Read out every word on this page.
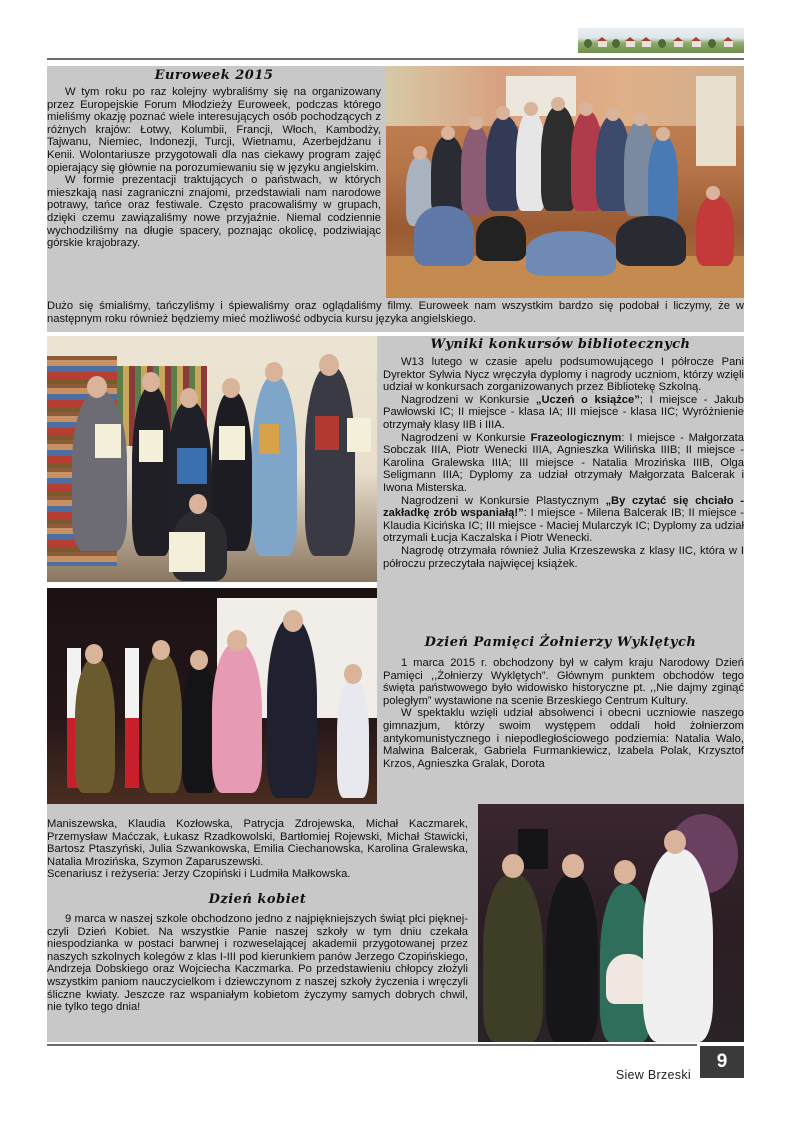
Euroweek 2015

W tym roku po raz kolejny wybraliśmy się na organizowany przez Europejskie Forum Młodzieży Euroweek, podczas którego mieliśmy okazję poznać wiele interesujących osób pochodzących z różnych krajów: Łotwy, Kolumbii, Francji, Włoch, Kambodży, Tajwanu, Niemiec, Indonezji, Turcji, Wietnamu, Azerbejdżanu i Kenii. Wolontariusze przygotowali dla nas ciekawy program zajęć opierający się głównie na porozumiewaniu się w języku angielskim.

W formie prezentacji traktujących o państwach, w których mieszkają nasi zagraniczni znajomi, przedstawiali nam narodowe potrawy, tańce oraz festiwale. Często pracowaliśmy w grupach, dzięki czemu zawiązaliśmy nowe przyjaźnie. Niemal codziennie wychodziliśmy na długie spacery, poznając okolicę, podziwiając górskie krajobrazy.

Dużo się śmialiśmy, tańczyliśmy i śpiewaliśmy oraz oglądaliśmy filmy. Euroweek nam wszystkim bardzo się podobał i liczymy, że w następnym roku również będziemy mieć możliwość odbycia kursu języka angielskiego.

Wyniki konkursów bibliotecznych

W13 lutego w czasie apelu podsumowującego I półrocze Pani Dyrektor Sylwia Nycz wręczyła dyplomy i nagrody uczniom, którzy wzięli udział w konkursach zorganizowanych przez Bibliotekę Szkolną.

Nagrodzeni w Konkursie „Uczeń o książce”; I miejsce - Jakub Pawłowski IC; II miejsce - klasa IA; III miejsce - klasa IIC; Wyróżnienie otrzymały klasy IIB i IIIA.

Nagrodzeni w Konkursie Frazeologicznym: I miejsce - Małgorzata Sobczak IIIA, Piotr Wenecki IIIA, Agnieszka Wilińska IIIB; II miejsce - Karolina Gralewska IIIA; III miejsce - Natalia Mrozińska IIIB, Olga Seligmann IIIA; Dyplomy za udział otrzymały Małgorzata Balcerak i Iwona Misterska.

Nagrodzeni w Konkursie Plastycznym „By czytać się chciało - zakładkę zrób wspaniałą!”: I miejsce - Milena Balcerak IB; II miejsce - Klaudia Kicińska IC; III miejsce - Maciej Mularczyk IC; Dyplomy za udział otrzymali Łucja Kaczalska i Piotr Wenecki.

Nagrodę otrzymała również Julia Krzeszewska z klasy IIC, która w I półroczu przeczytała najwięcej książek.

Dzień Pamięci Żołnierzy Wyklętych

1 marca 2015 r. obchodzony był w całym kraju Narodowy Dzień Pamięci ,,Żołnierzy Wyklętych”. Głównym punktem obchodów tego święta państwowego było widowisko historyczne pt. ,,Nie dajmy zginąć poległym” wystawione na scenie Brzeskiego Centrum Kultury.

W spektaklu wzięli udział absolwenci i obecni uczniowie naszego gimnazjum, którzy swoim występem oddali hołd żołnierzom antykomunistycznego i niepodległościowego podziemia: Natalia Walo, Malwina Balcerak, Gabriela Furmankiewicz, Izabela Polak, Krzysztof Krzos, Agnieszka Gralak, Dorota

Maniszewska, Klaudia Kozłowska, Patrycja Zdrojewska, Michał Kaczmarek, Przemysław Maćczak, Łukasz Rzadkowolski, Bartłomiej Rojewski, Michał Stawicki, Bartosz Ptaszyński, Julia Szwankowska, Emilia Ciechanowska, Karolina Gralewska, Natalia Mrozińska, Szymon Zaparuszewski.

Scenariusz i reżyseria: Jerzy Czopiński i Ludmiła Małkowska.

Dzień kobiet

9 marca w naszej szkole obchodzono jedno z najpiękniejszych świąt płci pięknej- czyli Dzień Kobiet. Na wszystkie Panie naszej szkoły w tym dniu czekała niespodzianka w postaci barwnej i rozweselającej akademii przygotowanej przez naszych szkolnych kolegów z klas I-III pod kierunkiem panów Jerzego Czopińskiego, Andrzeja Dobskiego oraz Wojciecha Kaczmarka. Po przedstawieniu chłopcy złożyli wszystkim paniom nauczycielkom i dziewczynom z naszej szkoły życzenia i wręczyli śliczne kwiaty. Jeszcze raz wspaniałym kobietom życzymy samych dobrych chwil, nie tylko tego dnia!

Siew Brzeski
9
